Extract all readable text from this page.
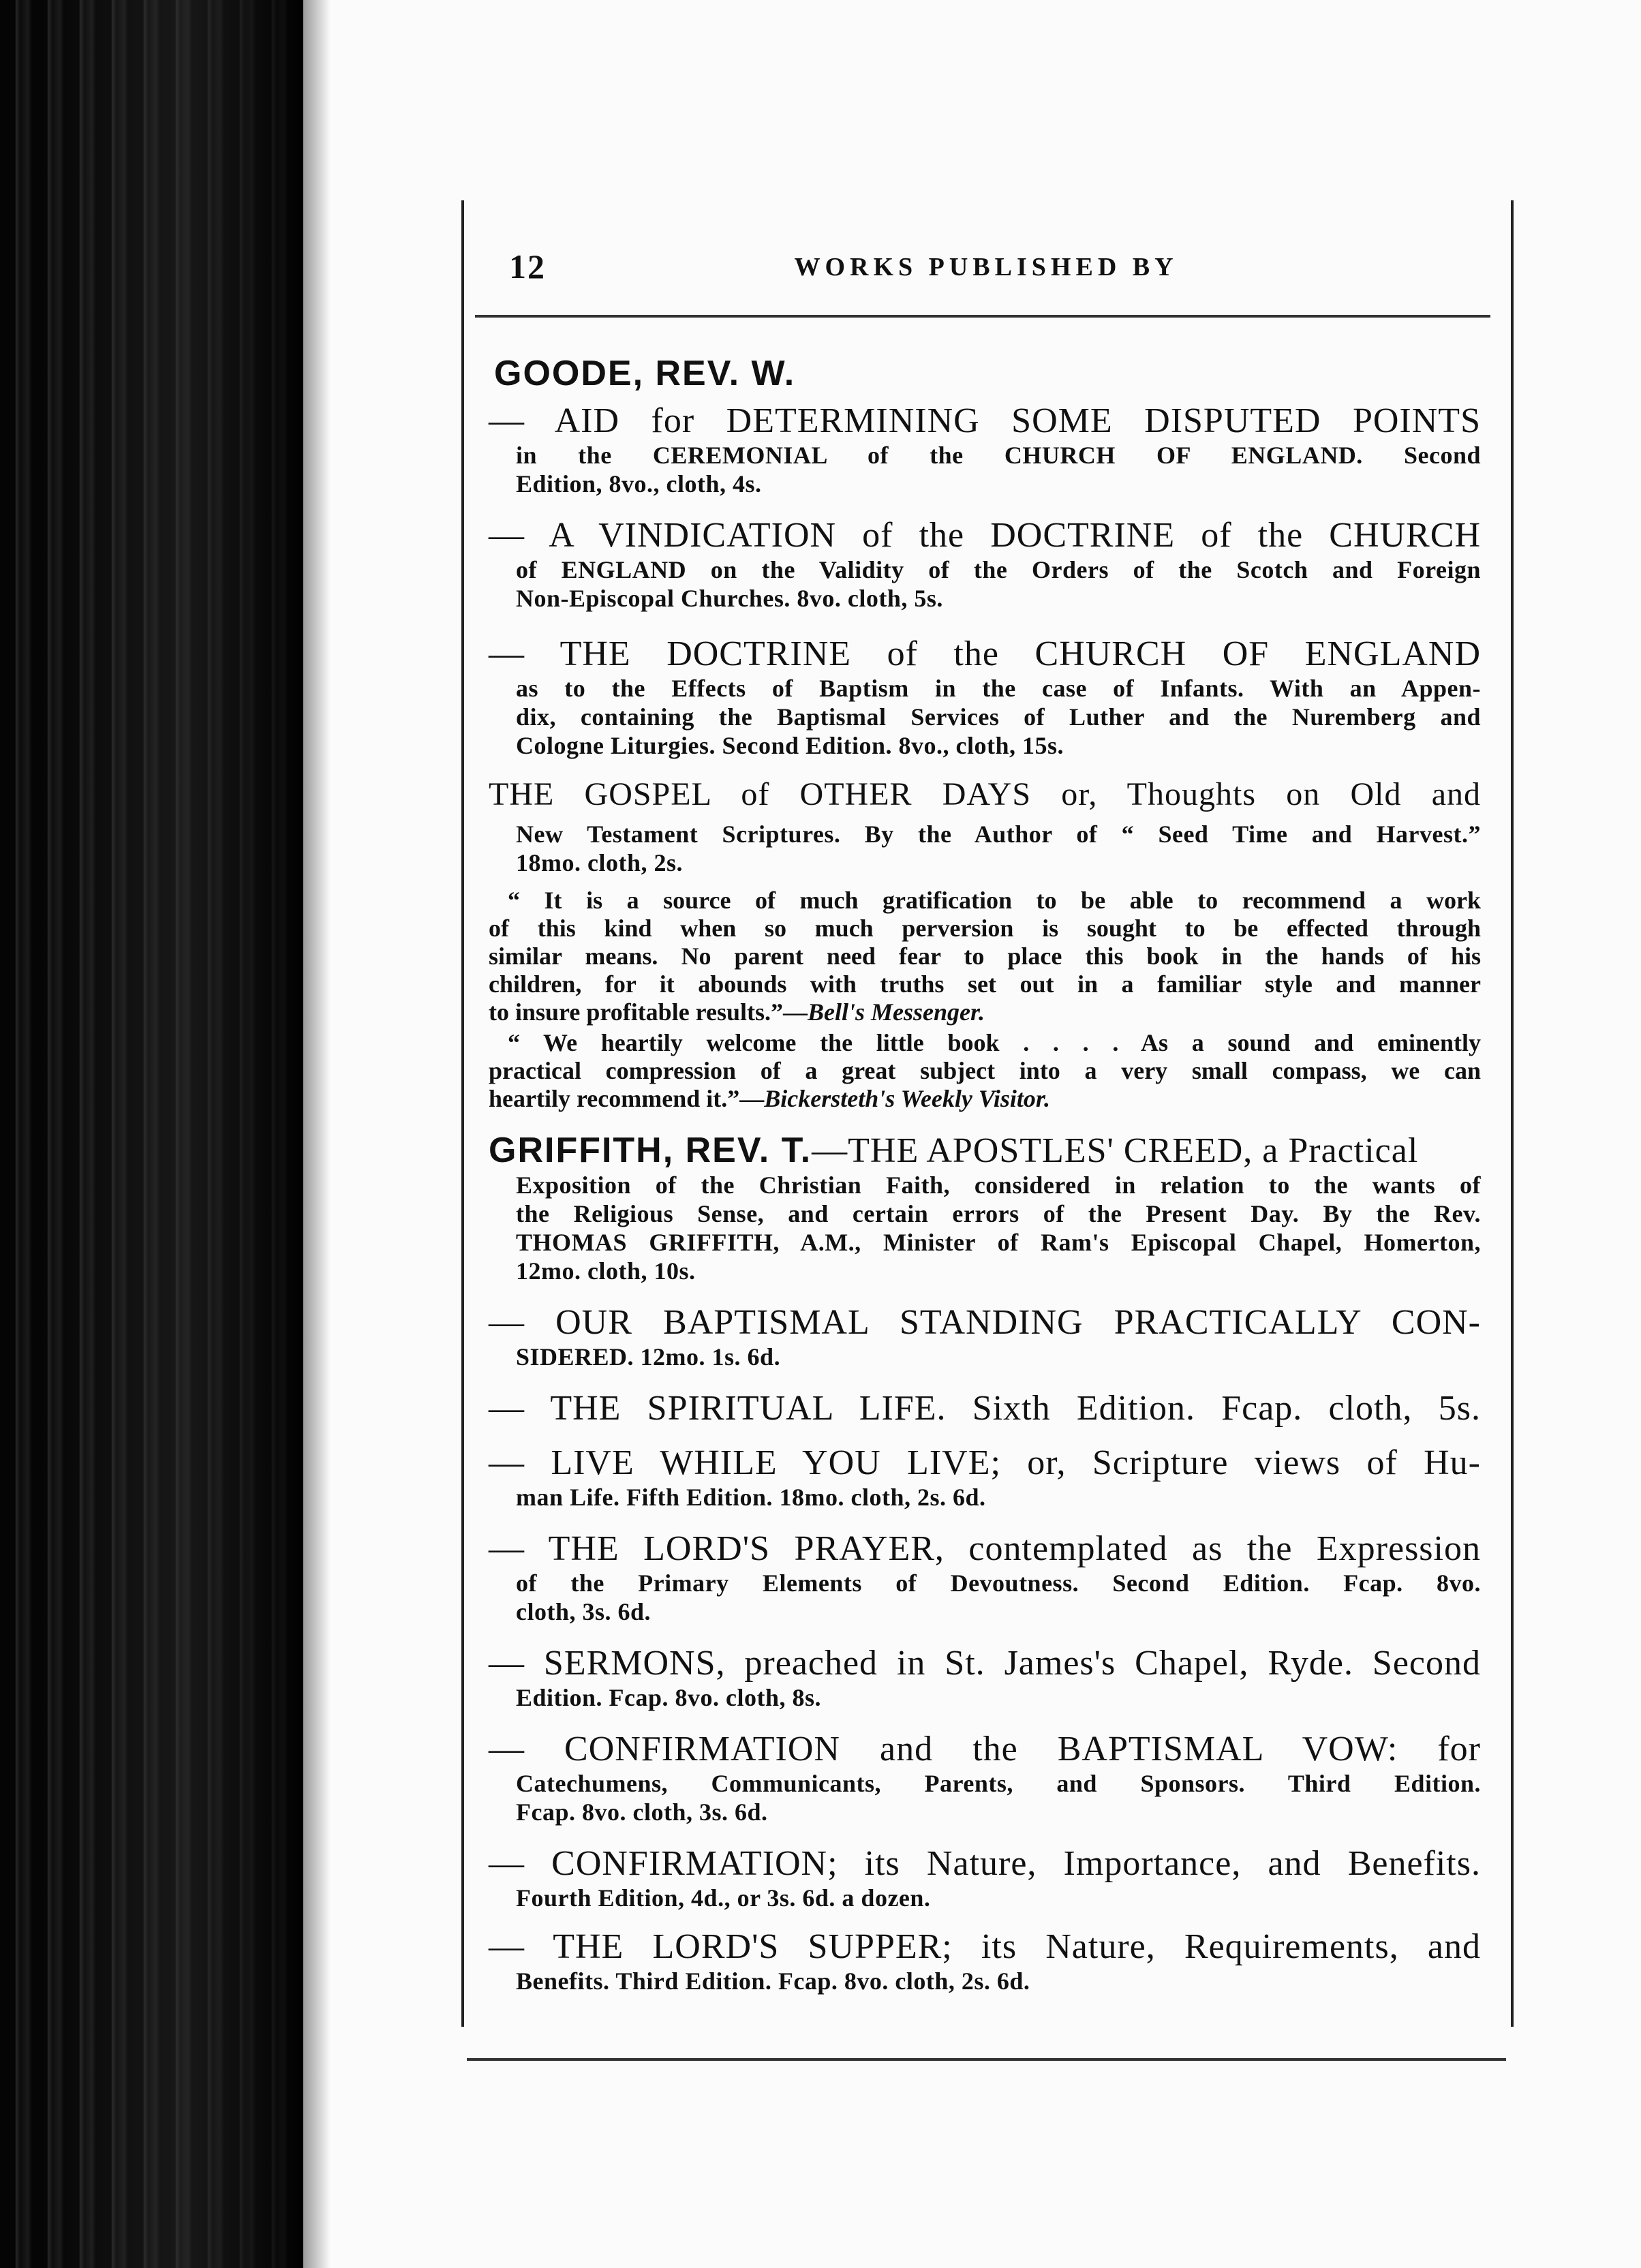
12	WORKS PUBLISHED BY
GOODE, REV. W.
— AID for DETERMINING SOME DISPUTED POINTS
in the CEREMONIAL of the CHURCH OF ENGLAND. Second
Edition, 8vo., cloth, 4s.
— A VINDICATION of the DOCTRINE of the CHURCH
of ENGLAND on the Validity of the Orders of the Scotch and Foreign
Non-Episcopal Churches. 8vo. cloth, 5s.
— THE DOCTRINE of the CHURCH OF ENGLAND
as to the Effects of Baptism in the case of Infants. With an Appen-
dix, containing the Baptismal Services of Luther and the Nuremberg and
Cologne Liturgies. Second Edition. 8vo., cloth, 15s.
THE GOSPEL of OTHER DAYS or, Thoughts on Old and
New Testament Scriptures. By the Author of “ Seed Time and Harvest.”
18mo. cloth, 2s.
“ It is a source of much gratification to be able to recommend a work
of this kind when so much perversion is sought to be effected through
similar means. No parent need fear to place this book in the hands of his
children, for it abounds with truths set out in a familiar style and manner
to insure profitable results.”—Bell's Messenger.
“ We heartily welcome the little book . . . . As a sound and eminently
practical compression of a great subject into a very small compass, we can
heartily recommend it.”—Bickersteth's Weekly Visitor.
GRIFFITH, REV. T.—THE APOSTLES' CREED, a Practical
Exposition of the Christian Faith, considered in relation to the wants of
the Religious Sense, and certain errors of the Present Day. By the Rev.
THOMAS GRIFFITH, A.M., Minister of Ram's Episcopal Chapel, Homerton,
12mo. cloth, 10s.
— OUR BAPTISMAL STANDING PRACTICALLY CON-
SIDERED. 12mo. 1s. 6d.
— THE SPIRITUAL LIFE. Sixth Edition. Fcap. cloth, 5s.
— LIVE WHILE YOU LIVE; or, Scripture views of Hu-
man Life. Fifth Edition. 18mo. cloth, 2s. 6d.
— THE LORD'S PRAYER, contemplated as the Expression
of the Primary Elements of Devoutness. Second Edition. Fcap. 8vo.
cloth, 3s. 6d.
— SERMONS, preached in St. James's Chapel, Ryde. Second
Edition. Fcap. 8vo. cloth, 8s.
— CONFIRMATION and the BAPTISMAL VOW: for
Catechumens, Communicants, Parents, and Sponsors. Third Edition.
Fcap. 8vo. cloth, 3s. 6d.
— CONFIRMATION; its Nature, Importance, and Benefits.
Fourth Edition, 4d., or 3s. 6d. a dozen.
— THE LORD'S SUPPER; its Nature, Requirements, and
Benefits. Third Edition. Fcap. 8vo. cloth, 2s. 6d.
